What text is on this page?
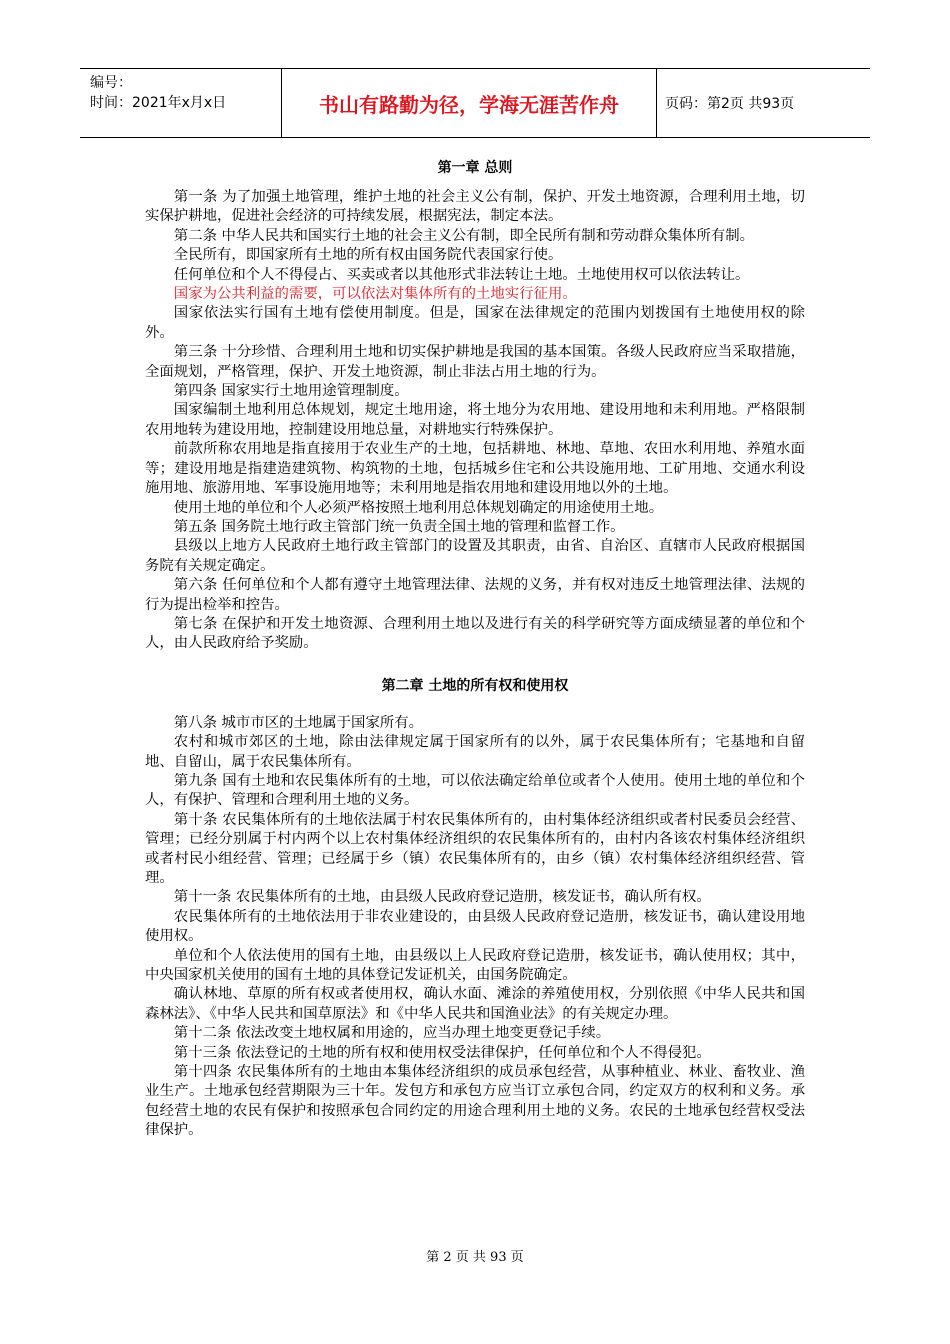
编号：
时间：2021年x月x日	书山有路勤为径，学海无涯苦作舟	页码：第2页 共93页
第一章 总则

第一条 为了加强土地管理，维护土地的社会主义公有制，保护、开发土地资源，合理利用土地，切实保护耕地，促进社会经济的可持续发展，根据宪法，制定本法。

第二条 中华人民共和国实行土地的社会主义公有制，即全民所有制和劳动群众集体所有制。

全民所有，即国家所有土地的所有权由国务院代表国家行使。

任何单位和个人不得侵占、买卖或者以其他形式非法转让土地。土地使用权可以依法转让。

国家为公共利益的需要，可以依法对集体所有的土地实行征用。

国家依法实行国有土地有偿使用制度。但是，国家在法律规定的范围内划拨国有土地使用权的除外。

第三条 十分珍惜、合理利用土地和切实保护耕地是我国的基本国策。各级人民政府应当采取措施，全面规划，严格管理，保护、开发土地资源，制止非法占用土地的行为。

第四条 国家实行土地用途管理制度。

国家编制土地利用总体规划，规定土地用途，将土地分为农用地、建设用地和未利用地。严格限制农用地转为建设用地，控制建设用地总量，对耕地实行特殊保护。

前款所称农用地是指直接用于农业生产的土地，包括耕地、林地、草地、农田水利用地、养殖水面等；建设用地是指建造建筑物、构筑物的土地，包括城乡住宅和公共设施用地、工矿用地、交通水利设施用地、旅游用地、军事设施用地等；未利用地是指农用地和建设用地以外的土地。

使用土地的单位和个人必须严格按照土地利用总体规划确定的用途使用土地。

第五条 国务院土地行政主管部门统一负责全国土地的管理和监督工作。

县级以上地方人民政府土地行政主管部门的设置及其职责，由省、自治区、直辖市人民政府根据国务院有关规定确定。

第六条 任何单位和个人都有遵守土地管理法律、法规的义务，并有权对违反土地管理法律、法规的行为提出检举和控告。

第七条 在保护和开发土地资源、合理利用土地以及进行有关的科学研究等方面成绩显著的单位和个人，由人民政府给予奖励。

第二章 土地的所有权和使用权

第八条 城市市区的土地属于国家所有。

农村和城市郊区的土地，除由法律规定属于国家所有的以外，属于农民集体所有；宅基地和自留地、自留山，属于农民集体所有。

第九条 国有土地和农民集体所有的土地，可以依法确定给单位或者个人使用。使用土地的单位和个人，有保护、管理和合理利用土地的义务。

第十条 农民集体所有的土地依法属于村农民集体所有的，由村集体经济组织或者村民委员会经营、管理；已经分别属于村内两个以上农村集体经济组织的农民集体所有的，由村内各该农村集体经济组织或者村民小组经营、管理；已经属于乡（镇）农民集体所有的，由乡（镇）农村集体经济组织经营、管理。

第十一条 农民集体所有的土地，由县级人民政府登记造册，核发证书，确认所有权。

农民集体所有的土地依法用于非农业建设的，由县级人民政府登记造册，核发证书，确认建设用地使用权。

单位和个人依法使用的国有土地，由县级以上人民政府登记造册，核发证书，确认使用权；其中，中央国家机关使用的国有土地的具体登记发证机关，由国务院确定。

确认林地、草原的所有权或者使用权，确认水面、滩涂的养殖使用权，分别依照《中华人民共和国森林法》、《中华人民共和国草原法》和《中华人民共和国渔业法》的有关规定办理。

第十二条 依法改变土地权属和用途的，应当办理土地变更登记手续。

第十三条 依法登记的土地的所有权和使用权受法律保护，任何单位和个人不得侵犯。

第十四条 农民集体所有的土地由本集体经济组织的成员承包经营，从事种植业、林业、畜牧业、渔业生产。土地承包经营期限为三十年。发包方和承包方应当订立承包合同，约定双方的权利和义务。承包经营土地的农民有保护和按照承包合同约定的用途合理利用土地的义务。农民的土地承包经营权受法律保护。

第 2 页 共 93 页
